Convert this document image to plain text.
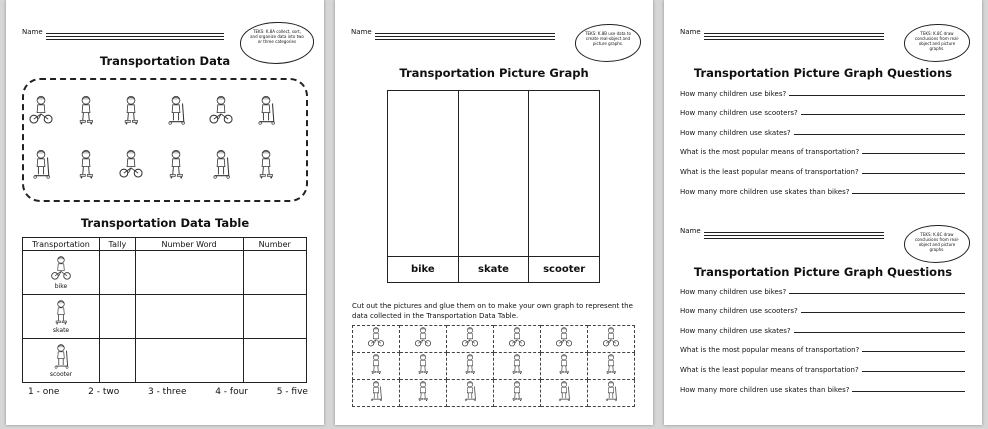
Name	TEKS: K.8A collect, sort, and organize data into two or three categories
Transportation Data
Transportation Data Table
Transportation	Tally	Number Word	Number

bike			

skate			

scooter			

1 - one	2 - two	3 - three	4 - four	5 - five
Name	TEKS: K.8B use data to create real-object and picture graphs.
Transportation Picture Graph
bike	skate	scooter
Cut out the pictures and glue them on to make your own graph to represent the data collected in the Transportation Data Table.

Name	TEKS: K.8C draw conclusions from real-object and picture graphs.
Transportation Picture Graph Questions
How many children use bikes?
How many children use scooters?
How many children use skates?
What is the most popular means of transportation?
What is the least popular means of transportation?
How many more children use skates than bikes?
Name	TEKS: K.8C draw conclusions from real-object and picture graphs.
Transportation Picture Graph Questions
How many children use bikes?
How many children use scooters?
How many children use skates?
What is the most popular means of transportation?
What is the least popular means of transportation?
How many more children use skates than bikes?
